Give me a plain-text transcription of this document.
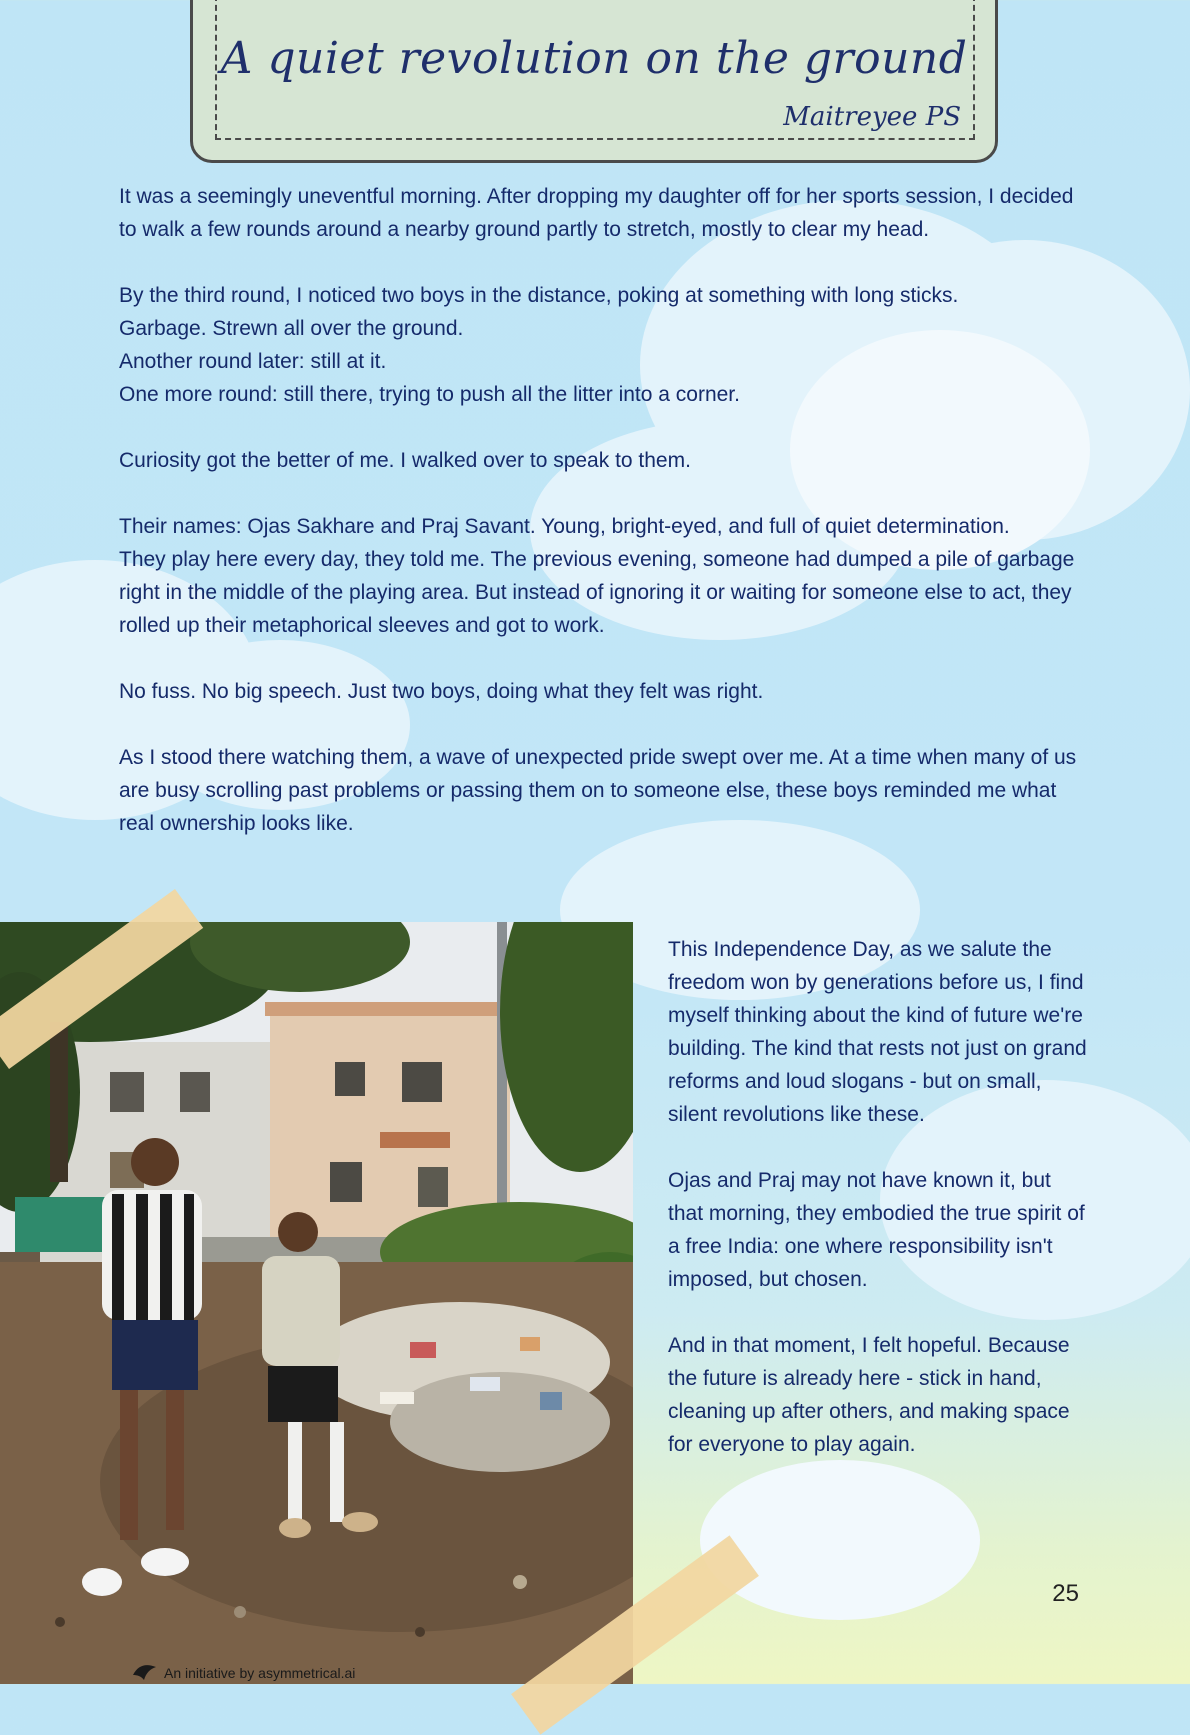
A quiet revolution on the ground
Maitreyee PS

It was a seemingly uneventful morning. After dropping my daughter off for her sports session, I decided to walk a few rounds around a nearby ground partly to stretch, mostly to clear my head.

By the third round, I noticed two boys in the distance, poking at something with long sticks.

Garbage. Strewn all over the ground.

Another round later: still at it.

One more round: still there, trying to push all the litter into a corner.

Curiosity got the better of me. I walked over to speak to them.

Their names: Ojas Sakhare and Praj Savant. Young, bright-eyed, and full of quiet determination.

They play here every day, they told me. The previous evening, someone had dumped a pile of garbage right in the middle of the playing area. But instead of ignoring it or waiting for someone else to act, they rolled up their metaphorical sleeves and got to work.

No fuss. No big speech. Just two boys, doing what they felt was right.

As I stood there watching them, a wave of unexpected pride swept over me. At a time when many of us are busy scrolling past problems or passing them on to someone else, these boys reminded me what real ownership looks like.

This Independence Day, as we salute the freedom won by generations before us, I find myself thinking about the kind of future we're building. The kind that rests not just on grand reforms and loud slogans - but on small, silent revolutions like these.

Ojas and Praj may not have known it, but that morning, they embodied the true spirit of a free India: one where responsibility isn't imposed, but chosen.

And in that moment, I felt hopeful. Because the future is already here - stick in hand, cleaning up after others, and making space for everyone to play again.

25
An initiative by asymmetrical.ai
